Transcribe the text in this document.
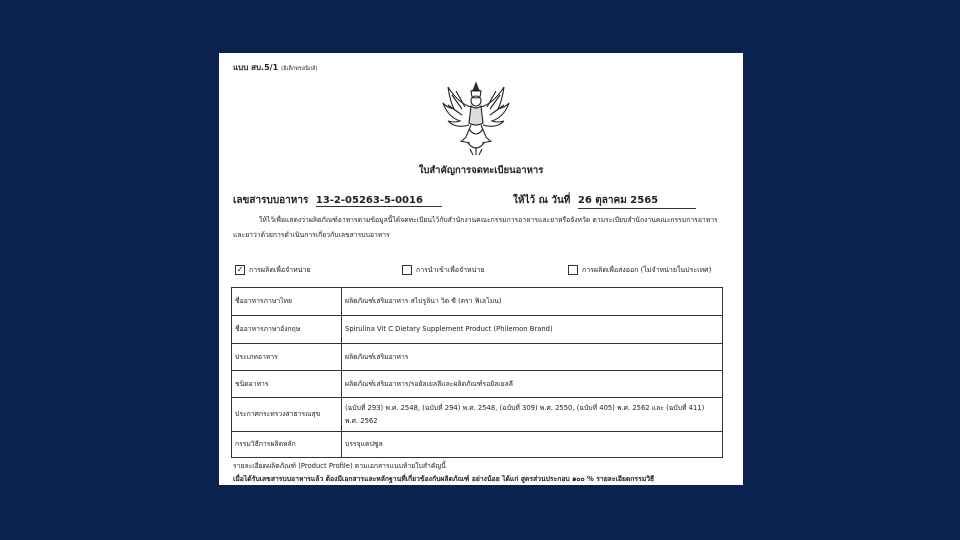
แบบ สบ.5/1 (อิเล็กทรอนิกส์)
ใบสำคัญการจดทะเบียนอาหาร
เลขสารบบอาหาร 13-2-05263-5-0016	ให้ไว้ ณ วันที่ 26 ตุลาคม 2565
ให้ไว้เพื่อแสดงว่าผลิตภัณฑ์อาหารตามข้อมูลนี้ได้จดทะเบียนไว้กับสำนักงานคณะกรรมการอาหารและยาหรือจังหวัด ตามระเบียบสำนักงานคณะกรรมการอาหารและยาว่าด้วยการดำเนินการเกี่ยวกับเลขสารบบอาหาร
✓ การผลิตเพื่อจำหน่าย	การนำเข้าเพื่อจำหน่าย	การผลิตเพื่อส่งออก (ไม่จำหน่ายในประเทศ)
ชื่ออาหารภาษาไทย	ผลิตภัณฑ์เสริมอาหาร สไปรูลินา วิต ซี (ตรา ฟิเลโมน)
ชื่ออาหารภาษาอังกฤษ	Spirulina Vit C Dietary Supplement Product (Philemon Brand)
ประเภทอาหาร	ผลิตภัณฑ์เสริมอาหาร
ชนิดอาหาร	ผลิตภัณฑ์เสริมอาหาร/รอยัลเยลลีและผลิตภัณฑ์รอยัลเยลลี
ประกาศกระทรวงสาธารณสุข	(ฉบับที่ 293) พ.ศ. 2548, (ฉบับที่ 294) พ.ศ. 2548, (ฉบับที่ 309) พ.ศ. 2550, (ฉบับที่ 405) พ.ศ. 2562 และ (ฉบับที่ 411) พ.ศ. 2562
กรรมวิธีการผลิตหลัก	บรรจุแคปซูล
รายละเอียดผลิตภัณฑ์ (Product Profile) ตามเอกสารแนบท้ายใบสำคัญนี้
เมื่อได้รับเลขสารบบอาหารแล้ว ต้องมีเอกสารและหลักฐานที่เกี่ยวข้องกับผลิตภัณฑ์ อย่างน้อย ได้แก่ สูตรส่วนประกอบ ๑๐๐ % รายละเอียดกรรมวิธี
